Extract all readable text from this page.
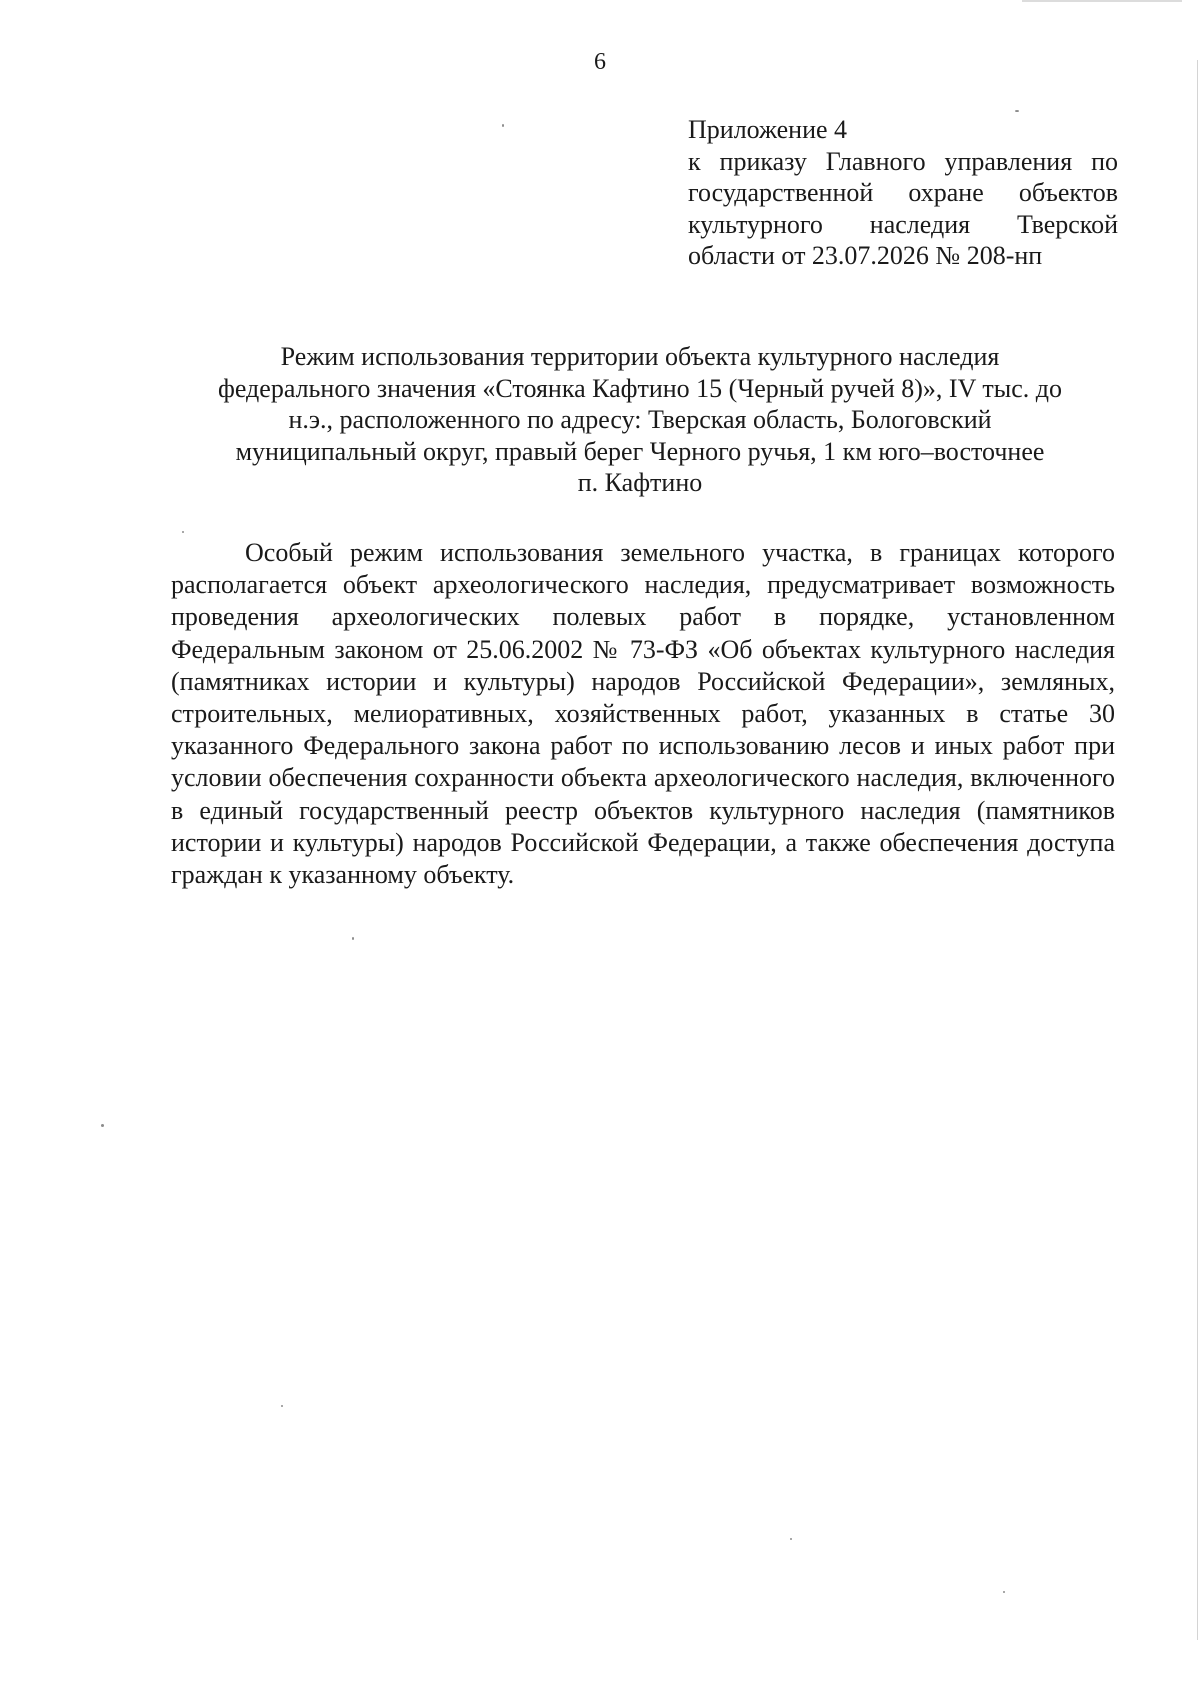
6
Приложение 4
к приказу Главного управления по государственной охране объектов культурного наследия Тверской области от 23.07.2026 № 208-нп
Режим использования территории объекта культурного наследия
федерального значения «Стоянка Кафтино 15 (Черный ручей 8)», IV тыс. до
н.э., расположенного по адресу: Тверская область, Бологовский
муниципальный округ, правый берег Черного ручья, 1 км юго–восточнее
п. Кафтино

Особый режим использования земельного участка, в границах которого располагается объект археологического наследия, предусматривает возможность проведения археологических полевых работ в порядке, установленном Федеральным законом от 25.06.2002 № 73-ФЗ «Об объектах культурного наследия (памятниках истории и культуры) народов Российской Федерации», земляных, строительных, мелиоративных, хозяйственных работ, указанных в статье 30 указанного Федерального закона работ по использованию лесов и иных работ при условии обеспечения сохранности объекта археологического наследия, включенного в единый государственный реестр объектов культурного наследия (памятников истории и культуры) народов Российской Федерации, а также обеспечения доступа граждан к указанному объекту.
